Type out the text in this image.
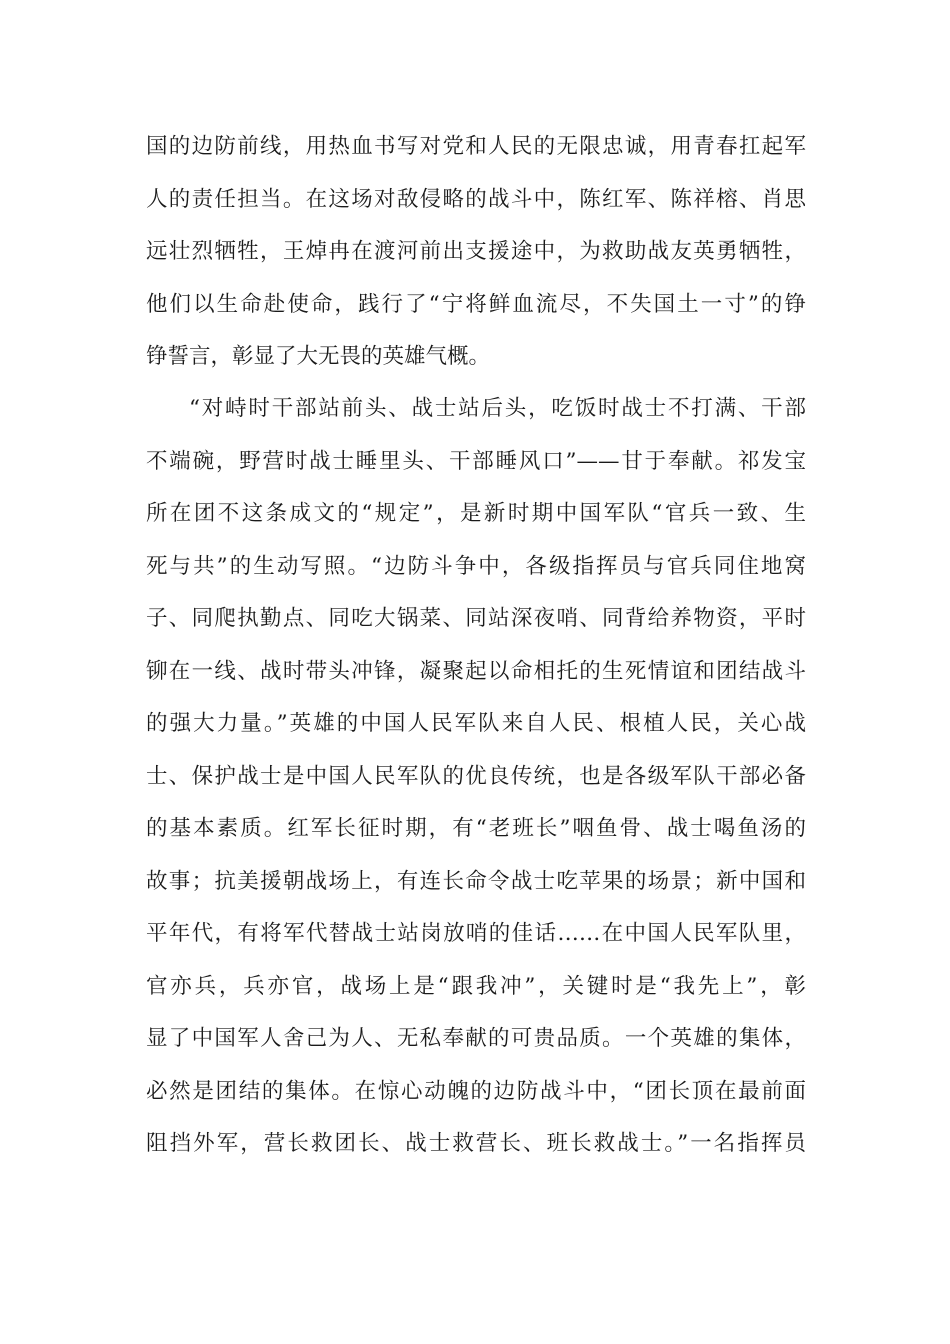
国的边防前线，用热血书写对党和人民的无限忠诚，用青春扛起军
人的责任担当。在这场对敌侵略的战斗中，陈红军、陈祥榕、肖思
远壮烈牺牲，王焯冉在渡河前出支援途中，为救助战友英勇牺牲，
他们以生命赴使命，践行了“宁将鲜血流尽，不失国土一寸”的铮
铮誓言，彰显了大无畏的英雄气概。
“对峙时干部站前头、战士站后头，吃饭时战士不打满、干部
不端碗，野营时战士睡里头、干部睡风口”——甘于奉献。祁发宝
所在团不这条成文的“规定”，是新时期中国军队“官兵一致、生
死与共”的生动写照。“边防斗争中，各级指挥员与官兵同住地窝
子、同爬执勤点、同吃大锅菜、同站深夜哨、同背给养物资，平时
铆在一线、战时带头冲锋，凝聚起以命相托的生死情谊和团结战斗
的强大力量。”英雄的中国人民军队来自人民、根植人民，关心战
士、保护战士是中国人民军队的优良传统，也是各级军队干部必备
的基本素质。红军长征时期，有“老班长”咽鱼骨、战士喝鱼汤的
故事；抗美援朝战场上，有连长命令战士吃苹果的场景；新中国和
平年代，有将军代替战士站岗放哨的佳话……在中国人民军队里，
官亦兵，兵亦官，战场上是“跟我冲”，关键时是“我先上”，彰
显了中国军人舍己为人、无私奉献的可贵品质。一个英雄的集体，
必然是团结的集体。在惊心动魄的边防战斗中，“团长顶在最前面
阻挡外军，营长救团长、战士救营长、班长救战士。”一名指挥员
